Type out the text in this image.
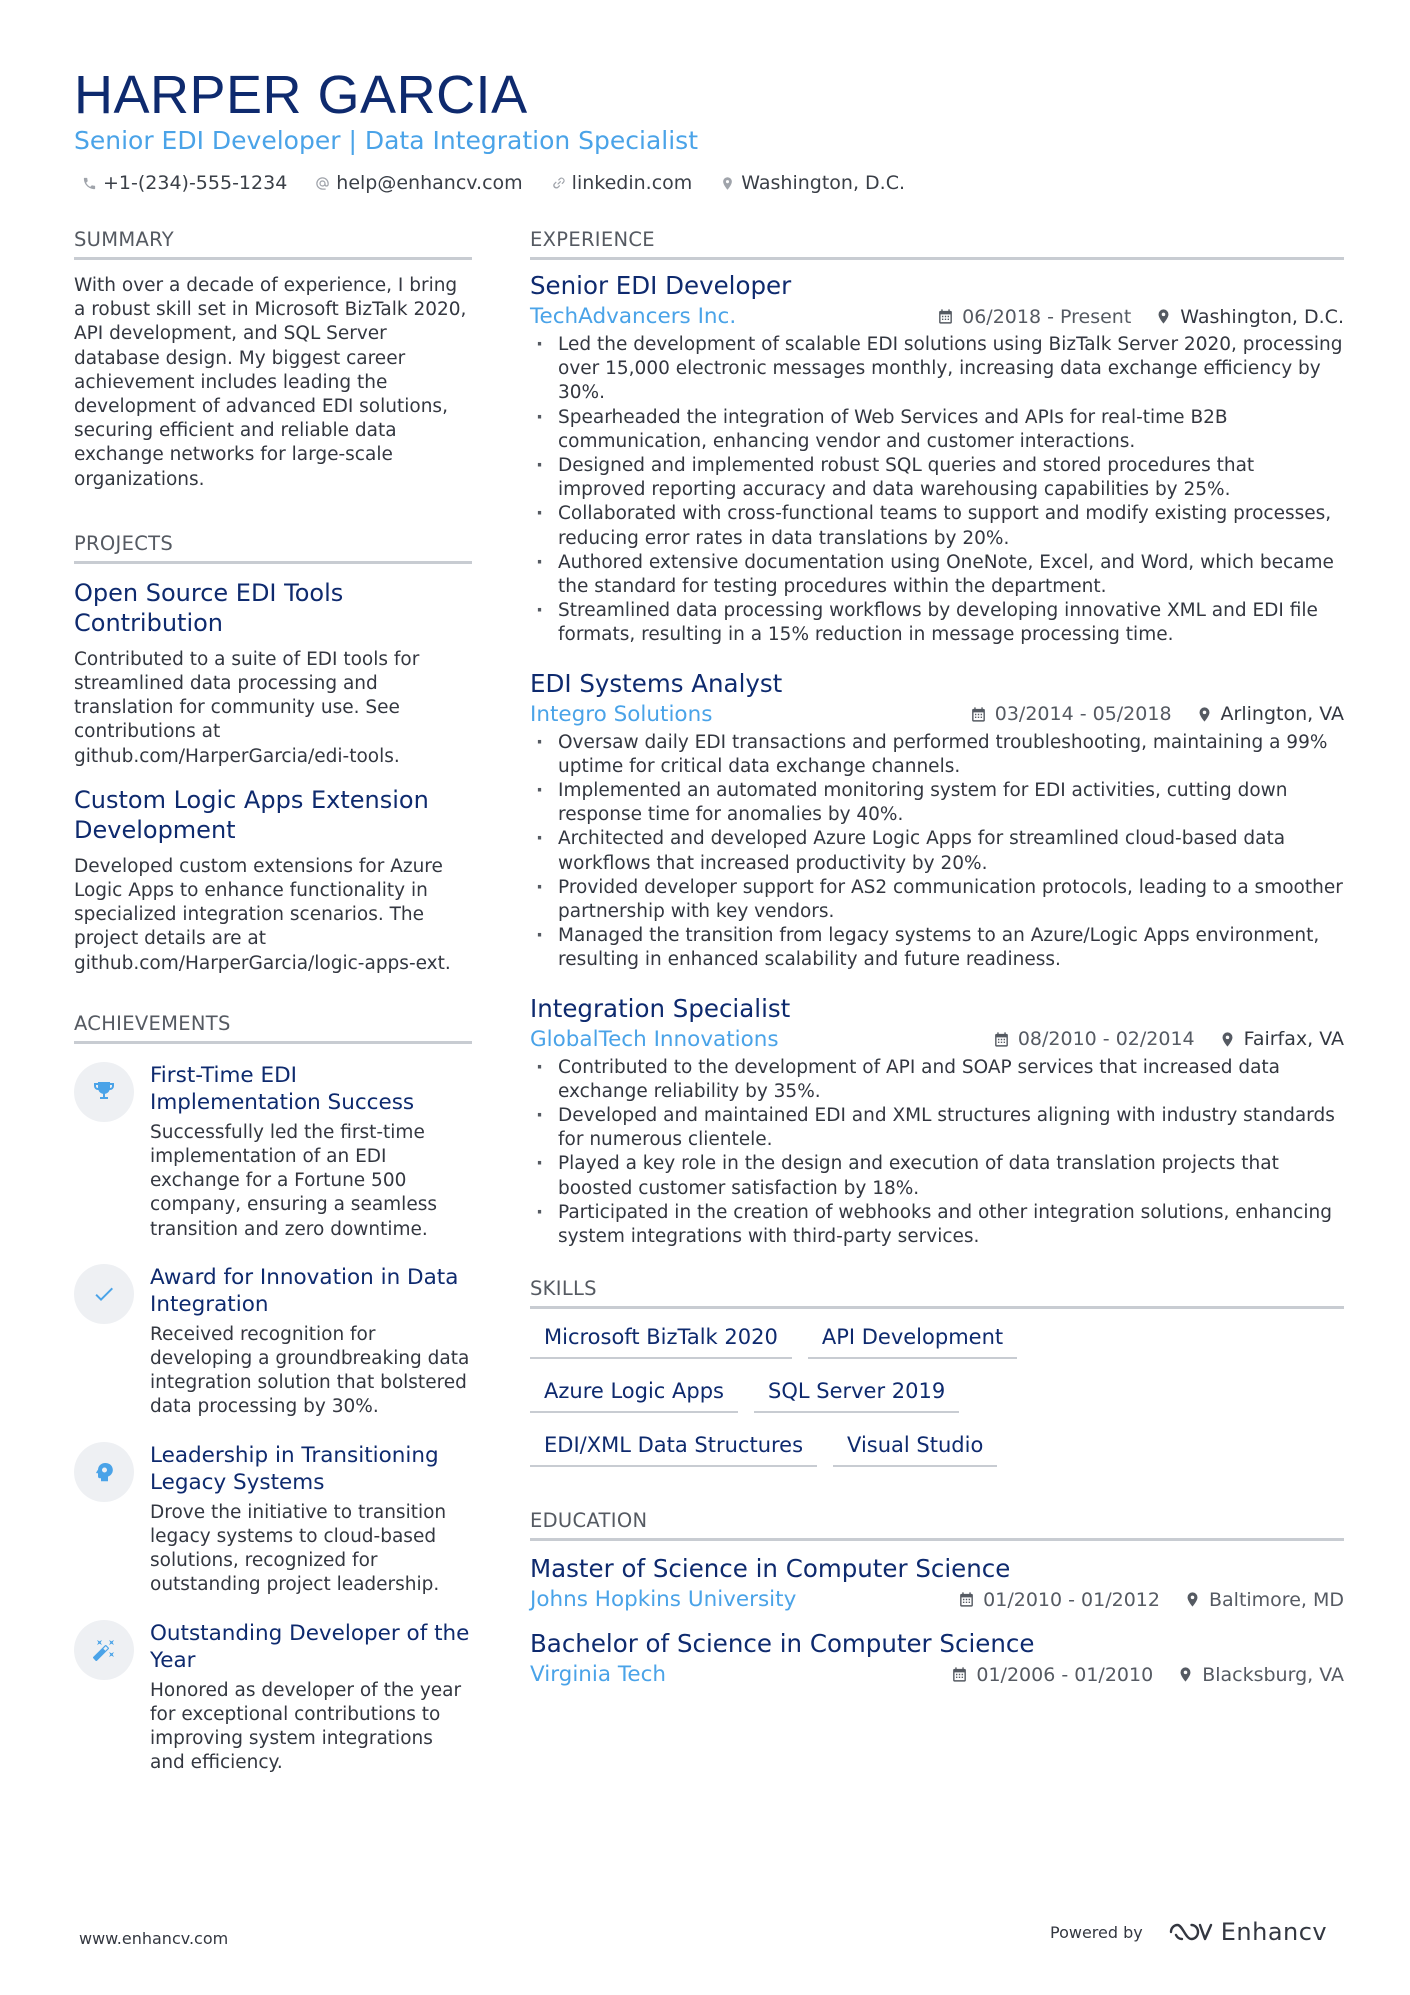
HARPER GARCIA
Senior EDI Developer | Data Integration Specialist
+1-(234)-555-1234	help@enhancv.com	linkedin.com	Washington, D.C.
SUMMARY
With over a decade of experience, I bring a robust skill set in Microsoft BizTalk 2020, API development, and SQL Server database design. My biggest career achievement includes leading the development of advanced EDI solutions, securing efficient and reliable data exchange networks for large-scale organizations.
PROJECTS
Open Source EDI Tools Contribution
Contributed to a suite of EDI tools for streamlined data processing and translation for community use. See contributions at github.com/HarperGarcia/edi-tools.
Custom Logic Apps Extension Development
Developed custom extensions for Azure Logic Apps to enhance functionality in specialized integration scenarios. The project details are at github.com/HarperGarcia/logic-apps-ext.
ACHIEVEMENTS
First-Time EDI Implementation Success
Successfully led the first-time implementation of an EDI exchange for a Fortune 500 company, ensuring a seamless transition and zero downtime.
Award for Innovation in Data Integration
Received recognition for developing a groundbreaking data integration solution that bolstered data processing by 30%.
Leadership in Transitioning Legacy Systems
Drove the initiative to transition legacy systems to cloud-based solutions, recognized for outstanding project leadership.
Outstanding Developer of the Year
Honored as developer of the year for exceptional contributions to improving system integrations and efficiency.
EXPERIENCE
Senior EDI Developer
TechAdvancers Inc.	06/2018 - Present	Washington, D.C.
· Led the development of scalable EDI solutions using BizTalk Server 2020, processing over 15,000 electronic messages monthly, increasing data exchange efficiency by 30%.
· Spearheaded the integration of Web Services and APIs for real-time B2B communication, enhancing vendor and customer interactions.
· Designed and implemented robust SQL queries and stored procedures that improved reporting accuracy and data warehousing capabilities by 25%.
· Collaborated with cross-functional teams to support and modify existing processes, reducing error rates in data translations by 20%.
· Authored extensive documentation using OneNote, Excel, and Word, which became the standard for testing procedures within the department.
· Streamlined data processing workflows by developing innovative XML and EDI file formats, resulting in a 15% reduction in message processing time.
EDI Systems Analyst
Integro Solutions	03/2014 - 05/2018	Arlington, VA
· Oversaw daily EDI transactions and performed troubleshooting, maintaining a 99% uptime for critical data exchange channels.
· Implemented an automated monitoring system for EDI activities, cutting down response time for anomalies by 40%.
· Architected and developed Azure Logic Apps for streamlined cloud-based data workflows that increased productivity by 20%.
· Provided developer support for AS2 communication protocols, leading to a smoother partnership with key vendors.
· Managed the transition from legacy systems to an Azure/Logic Apps environment, resulting in enhanced scalability and future readiness.
Integration Specialist
GlobalTech Innovations	08/2010 - 02/2014	Fairfax, VA
· Contributed to the development of API and SOAP services that increased data exchange reliability by 35%.
· Developed and maintained EDI and XML structures aligning with industry standards for numerous clientele.
· Played a key role in the design and execution of data translation projects that boosted customer satisfaction by 18%.
· Participated in the creation of webhooks and other integration solutions, enhancing system integrations with third-party services.
SKILLS
Microsoft BizTalk 2020	API Development
Azure Logic Apps	SQL Server 2019
EDI/XML Data Structures	Visual Studio
EDUCATION
Master of Science in Computer Science
Johns Hopkins University	01/2010 - 01/2012	Baltimore, MD
Bachelor of Science in Computer Science
Virginia Tech	01/2006 - 01/2010	Blacksburg, VA
www.enhancv.com	Powered by	Enhancv
